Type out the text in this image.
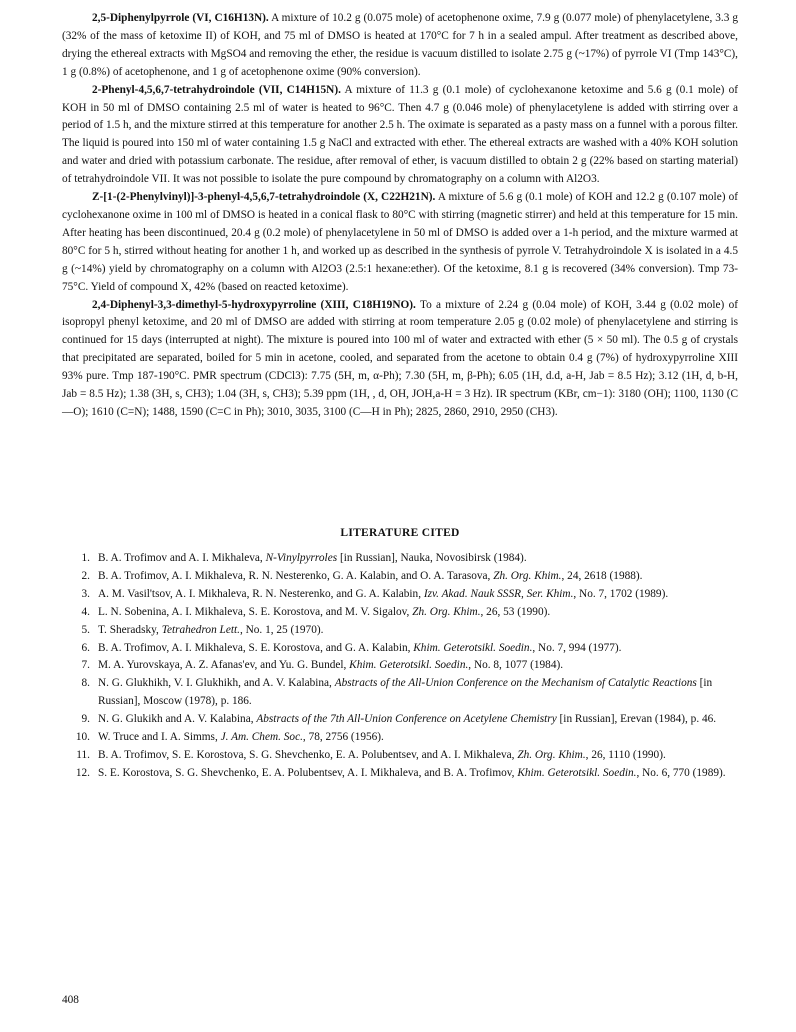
2,5-Diphenylpyrrole (VI, C16H13N). A mixture of 10.2 g (0.075 mole) of acetophenone oxime, 7.9 g (0.077 mole) of phenylacetylene, 3.3 g (32% of the mass of ketoxime II) of KOH, and 75 ml of DMSO is heated at 170°C for 7 h in a sealed ampul. After treatment as described above, drying the ethereal extracts with MgSO4 and removing the ether, the residue is vacuum distilled to isolate 2.75 g (~17%) of pyrrole VI (Tmp 143°C), 1 g (0.8%) of acetophenone, and 1 g of acetophenone oxime (90% conversion).

2-Phenyl-4,5,6,7-tetrahydroindole (VII, C14H15N). A mixture of 11.3 g (0.1 mole) of cyclohexanone ketoxime and 5.6 g (0.1 mole) of KOH in 50 ml of DMSO containing 2.5 ml of water is heated to 96°C. Then 4.7 g (0.046 mole) of phenylacetylene is added with stirring over a period of 1.5 h, and the mixture stirred at this temperature for another 2.5 h. The oximate is separated as a pasty mass on a funnel with a porous filter. The liquid is poured into 150 ml of water containing 1.5 g NaCl and extracted with ether. The ethereal extracts are washed with a 40% KOH solution and water and dried with potassium carbonate. The residue, after removal of ether, is vacuum distilled to obtain 2 g (22% based on starting material) of tetrahydroindole VII. It was not possible to isolate the pure compound by chromatography on a column with Al2O3.

Z-[1-(2-Phenylvinyl)]-3-phenyl-4,5,6,7-tetrahydroindole (X, C22H21N). A mixture of 5.6 g (0.1 mole) of KOH and 12.2 g (0.107 mole) of cyclohexanone oxime in 100 ml of DMSO is heated in a conical flask to 80°C with stirring (magnetic stirrer) and held at this temperature for 15 min. After heating has been discontinued, 20.4 g (0.2 mole) of phenylacetylene in 50 ml of DMSO is added over a 1-h period, and the mixture warmed at 80°C for 5 h, stirred without heating for another 1 h, and worked up as described in the synthesis of pyrrole V. Tetrahydroindole X is isolated in a 4.5 g (~14%) yield by chromatography on a column with Al2O3 (2.5:1 hexane:ether). Of the ketoxime, 8.1 g is recovered (34% conversion). Tmp 73-75°C. Yield of compound X, 42% (based on reacted ketoxime).

2,4-Diphenyl-3,3-dimethyl-5-hydroxypyrroline (XIII, C18H19NO). To a mixture of 2.24 g (0.04 mole) of KOH, 3.44 g (0.02 mole) of isopropyl phenyl ketoxime, and 20 ml of DMSO are added with stirring at room temperature 2.05 g (0.02 mole) of phenylacetylene and stirring is continued for 15 days (interrupted at night). The mixture is poured into 100 ml of water and extracted with ether (5 × 50 ml). The 0.5 g of crystals that precipitated are separated, boiled for 5 min in acetone, cooled, and separated from the acetone to obtain 0.4 g (7%) of hydroxypyrroline XIII 93% pure. Tmp 187-190°C. PMR spectrum (CDCl3): 7.75 (5H, m, α-Ph); 7.30 (5H, m, β-Ph); 6.05 (1H, d.d, a-H, Jab = 8.5 Hz); 3.12 (1H, d, b-H, Jab = 8.5 Hz); 1.38 (3H, s, CH3); 1.04 (3H, s, CH3); 5.39 ppm (1H, , d, OH, JOH,a-H = 3 Hz). IR spectrum (KBr, cm−1): 3180 (OH); 1100, 1130 (C—O); 1610 (C=N); 1488, 1590 (C=C in Ph); 3010, 3035, 3100 (C—H in Ph); 2825, 2860, 2910, 2950 (CH3).

LITERATURE CITED
1. B. A. Trofimov and A. I. Mikhaleva, N-Vinylpyrroles [in Russian], Nauka, Novosibirsk (1984).
2. B. A. Trofimov, A. I. Mikhaleva, R. N. Nesterenko, G. A. Kalabin, and O. A. Tarasova, Zh. Org. Khim., 24, 2618 (1988).
3. A. M. Vasil'tsov, A. I. Mikhaleva, R. N. Nesterenko, and G. A. Kalabin, Izv. Akad. Nauk SSSR, Ser. Khim., No. 7, 1702 (1989).
4. L. N. Sobenina, A. I. Mikhaleva, S. E. Korostova, and M. V. Sigalov, Zh. Org. Khim., 26, 53 (1990).
5. T. Sheradsky, Tetrahedron Lett., No. 1, 25 (1970).
6. B. A. Trofimov, A. I. Mikhaleva, S. E. Korostova, and G. A. Kalabin, Khim. Geterotsikl. Soedin., No. 7, 994 (1977).
7. M. A. Yurovskaya, A. Z. Afanas'ev, and Yu. G. Bundel, Khim. Geterotsikl. Soedin., No. 8, 1077 (1984).
8. N. G. Glukhikh, V. I. Glukhikh, and A. V. Kalabina, Abstracts of the All-Union Conference on the Mechanism of Catalytic Reactions [in Russian], Moscow (1978), p. 186.
9. N. G. Glukikh and A. V. Kalabina, Abstracts of the 7th All-Union Conference on Acetylene Chemistry [in Russian], Erevan (1984), p. 46.
10. W. Truce and I. A. Simms, J. Am. Chem. Soc., 78, 2756 (1956).
11. B. A. Trofimov, S. E. Korostova, S. G. Shevchenko, E. A. Polubentsev, and A. I. Mikhaleva, Zh. Org. Khim., 26, 1110 (1990).
12. S. E. Korostova, S. G. Shevchenko, E. A. Polubentsev, A. I. Mikhaleva, and B. A. Trofimov, Khim. Geterotsikl. Soedin., No. 6, 770 (1989).
408
